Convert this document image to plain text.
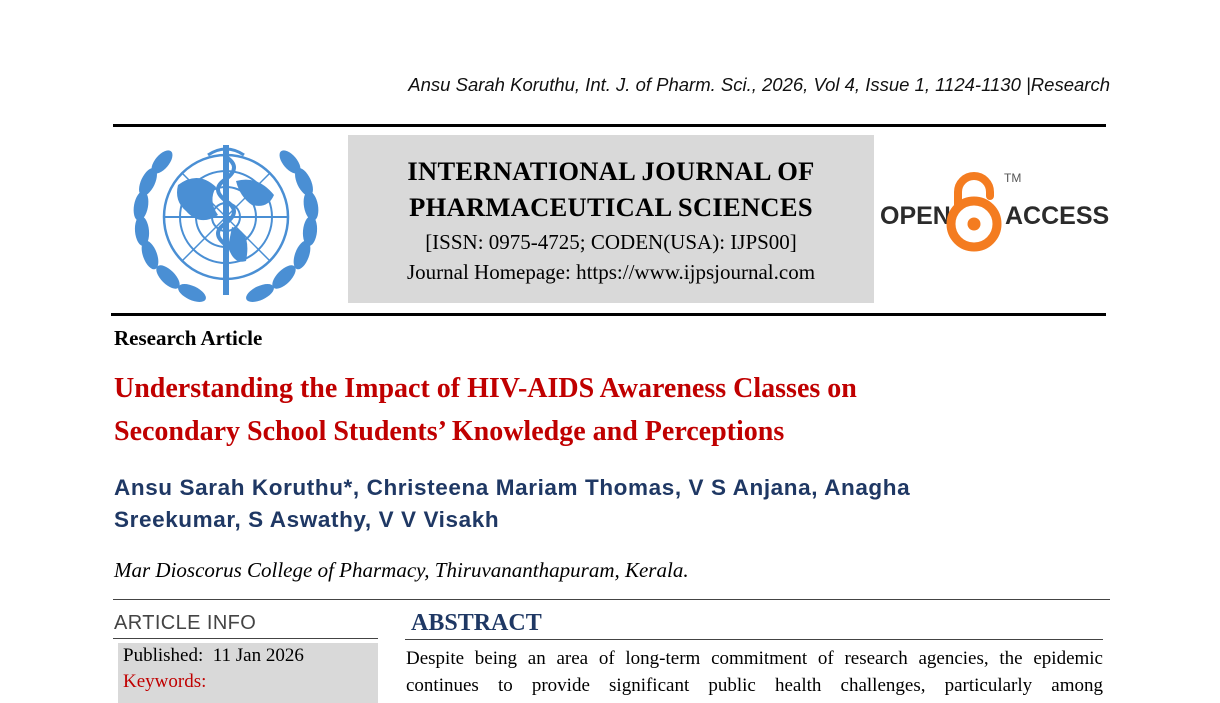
Ansu Sarah Koruthu, Int. J. of Pharm. Sci., 2026, Vol 4, Issue 1, 1124-1130 |Research
INTERNATIONAL JOURNAL OF
PHARMACEUTICAL SCIENCES
[ISSN: 0975-4725; CODEN(USA): IJPS00]
Journal Homepage: https://www.ijpsjournal.com
OPEN
TM
ACCESS
Research Article
Understanding the Impact of HIV-AIDS Awareness Classes on
Secondary School Students’ Knowledge and Perceptions
Ansu Sarah Koruthu*, Christeena Mariam Thomas, V S Anjana, Anagha
Sreekumar, S Aswathy, V V Visakh
Mar Dioscorus College of Pharmacy, Thiruvananthapuram, Kerala.
ARTICLE INFO
Published: 11 Jan 2026
Keywords:
ABSTRACT
Despite being an area of long-term commitment of research agencies, the epidemic
continues to provide significant public health challenges, particularly among
